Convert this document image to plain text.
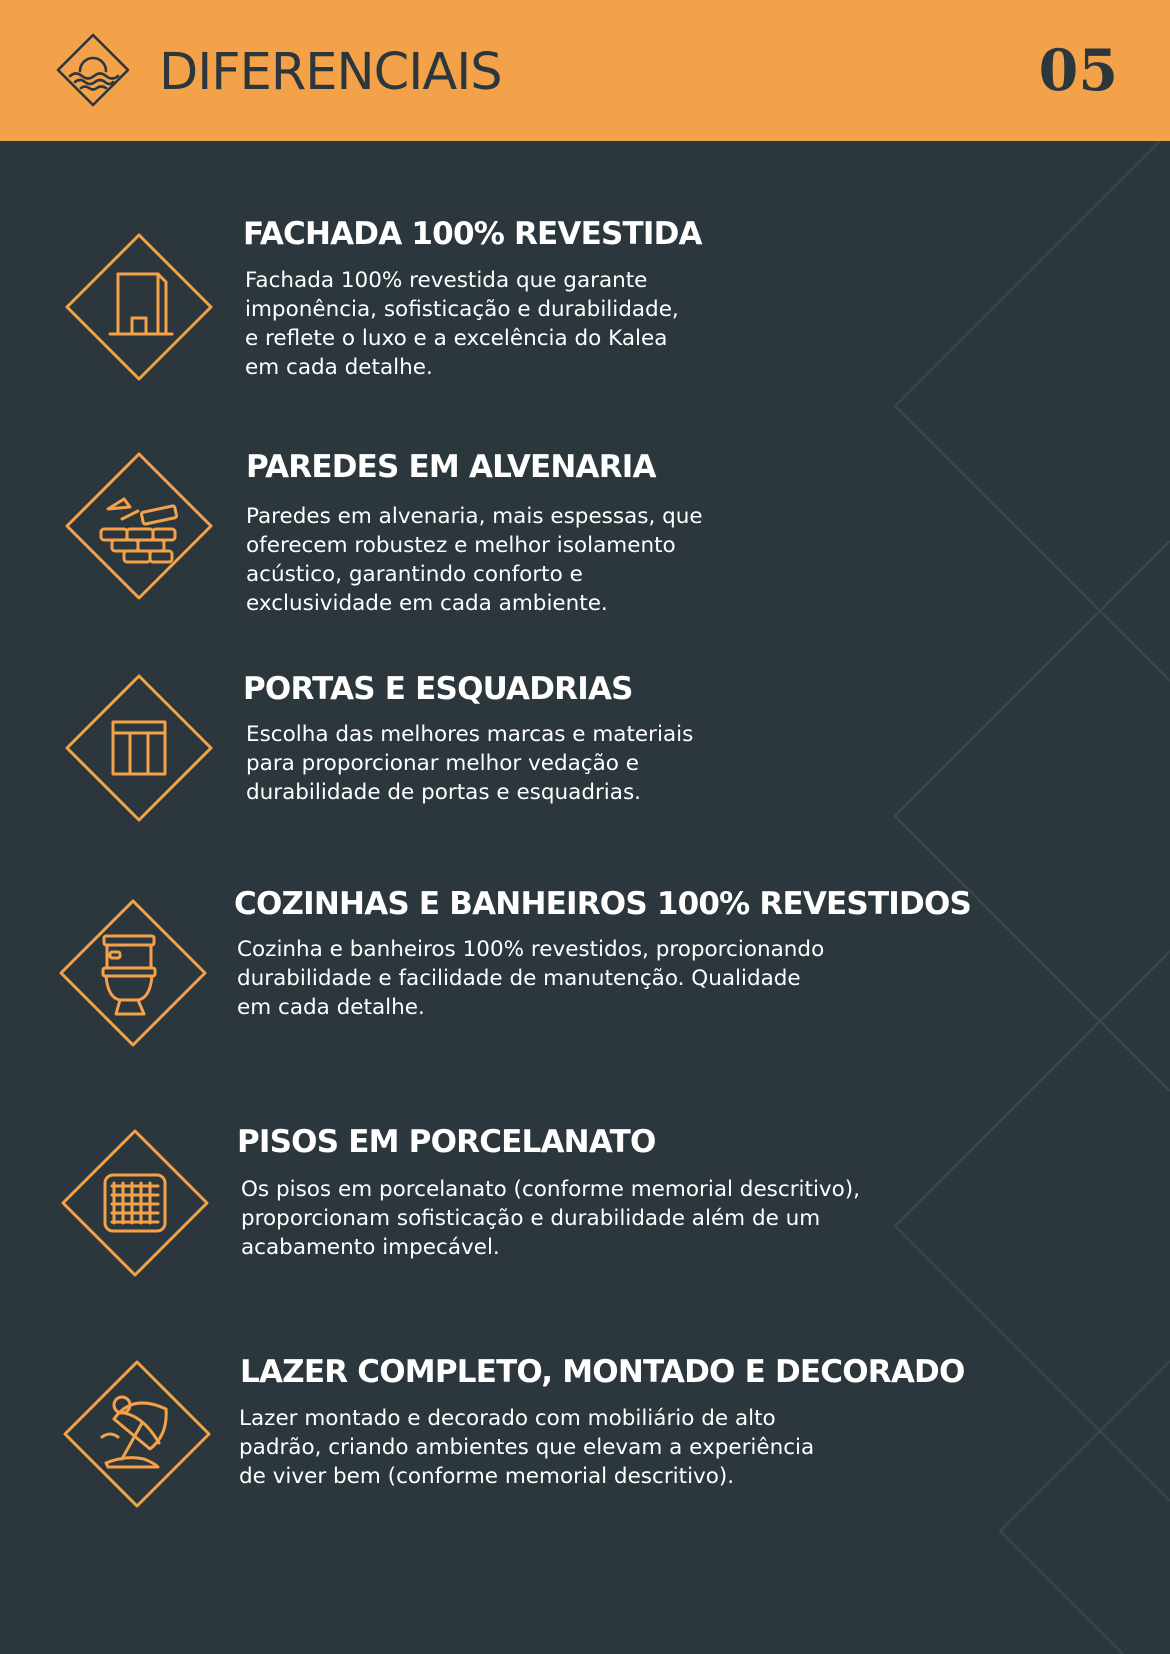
DIFERENCIAIS	05
FACHADA 100% REVESTIDA

Fachada 100% revestida que garante
imponência, sofisticação e durabilidade,
e reflete o luxo e a excelência do Kalea
em cada detalhe.

PAREDES EM ALVENARIA

Paredes em alvenaria, mais espessas, que
oferecem robustez e melhor isolamento
acústico, garantindo conforto e
exclusividade em cada ambiente.

PORTAS E ESQUADRIAS

Escolha das melhores marcas e materiais
para proporcionar melhor vedação e
durabilidade de portas e esquadrias.

COZINHAS E BANHEIROS 100% REVESTIDOS

Cozinha e banheiros 100% revestidos, proporcionando
durabilidade e facilidade de manutenção. Qualidade
em cada detalhe.

PISOS EM PORCELANATO

Os pisos em porcelanato (conforme memorial descritivo),
proporcionam sofisticação e durabilidade além de um
acabamento impecável.

LAZER COMPLETO, MONTADO E DECORADO

Lazer montado e decorado com mobiliário de alto
padrão, criando ambientes que elevam a experiência
de viver bem (conforme memorial descritivo).
